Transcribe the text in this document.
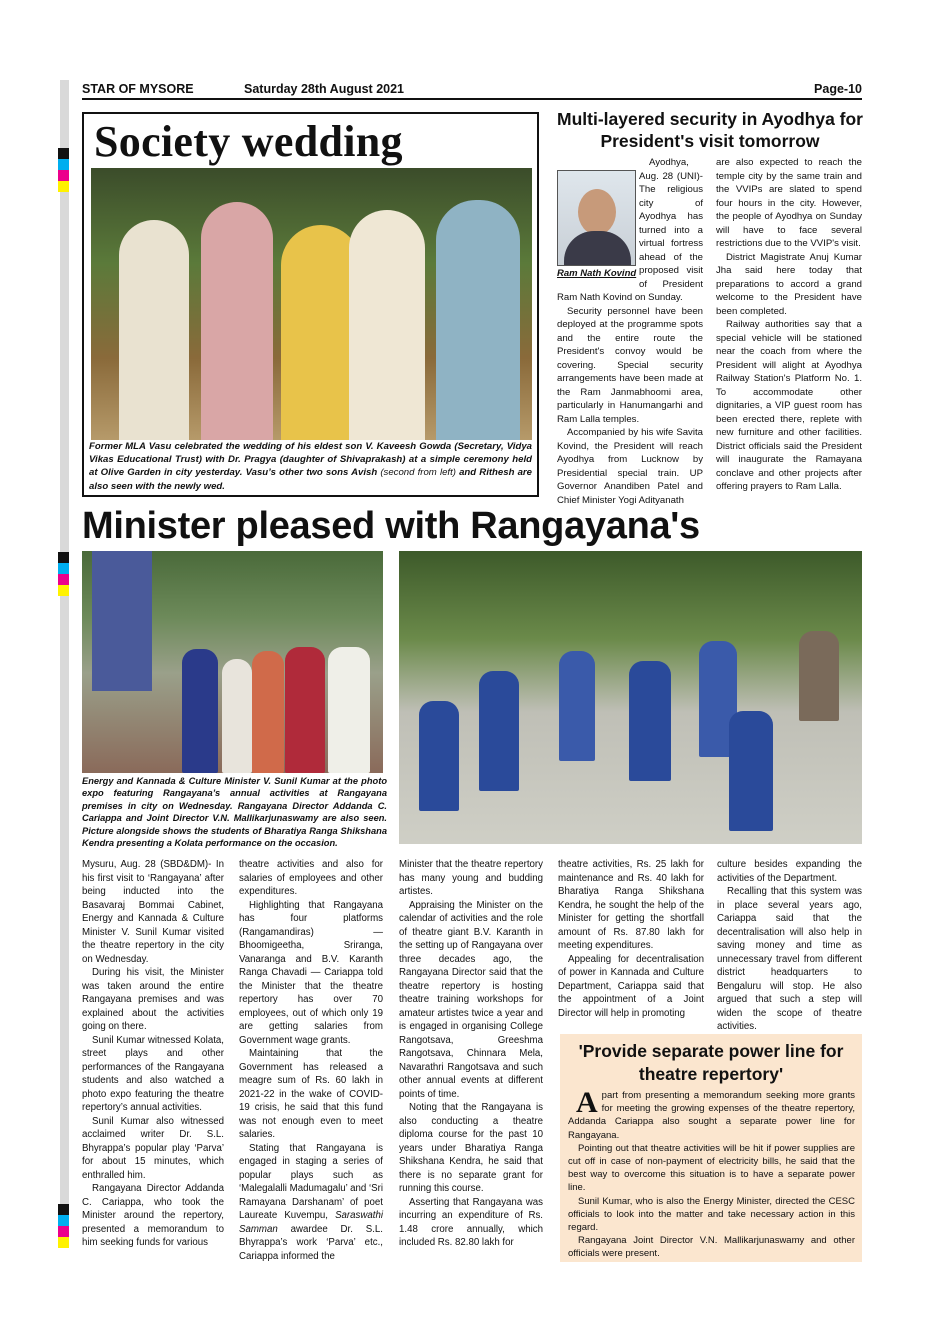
STAR OF MYSORE	Saturday 28th August 2021	Page-10
Society wedding
Former MLA Vasu celebrated the wedding of his eldest son V. Kaveesh Gowda (Secretary, Vidya Vikas Educational Trust) with Dr. Pragya (daughter of Shivaprakash) at a simple ceremony held at Olive Garden in city yesterday. Vasu’s other two sons Avish (second from left) and Rithesh are also seen with the newly wed.
Multi-layered security in Ayodhya for President's visit tomorrow
Ram Nath Kovind

Ayodhya, Aug. 28 (UNI)- The religious city of Ayodhya has turned into a virtual fortress ahead of the proposed visit of President Ram Nath Kovind on Sunday.

Security personnel have been deployed at the programme spots and the entire route the President's convoy would be covering. Special security arrangements have been made at the Ram Janmabhoomi area, particularly in Hanumangarhi and Ram Lalla temples.

Accompanied by his wife Savita Kovind, the President will reach Ayodhya from Lucknow by Presidential special train. UP Governor Anandiben Patel and Chief Minister Yogi Adityanath

are also expected to reach the temple city by the same train and the VVIPs are slated to spend four hours in the city. However, the people of Ayodhya on Sunday will have to face several restrictions due to the VVIP's visit.

District Magistrate Anuj Kumar Jha said here today that preparations to accord a grand welcome to the President have been completed.

Railway authorities say that a special vehicle will be stationed near the coach from where the President will alight at Ayodhya Railway Station's Platform No. 1. To accommodate other dignitaries, a VIP guest room has been erected there, replete with new furniture and other facilities. District officials said the President will inaugurate the Ramayana conclave and other projects after offering prayers to Ram Lalla.

Minister pleased with Rangayana's
Energy and Kannada & Culture Minister V. Sunil Kumar at the photo expo featuring Rangayana’s annual activities at Rangayana premises in city on Wednesday. Rangayana Director Addanda C. Cariappa and Joint Director V.N. Mallikarjunaswamy are also seen. Picture alongside shows the students of Bharatiya Ranga Shikshana Kendra presenting a Kolata performance on the occasion.

Mysuru, Aug. 28 (SBD&DM)- In his first visit to ‘Rangayana’ after being inducted into the Basavaraj Bommai Cabinet, Energy and Kannada & Culture Minister V. Sunil Kumar visited the theatre repertory in the city on Wednesday.

During his visit, the Minister was taken around the entire Rangayana premises and was explained about the activities going on there.

Sunil Kumar witnessed Kolata, street plays and other performances of the Rangayana students and also watched a photo expo featuring the theatre repertory’s annual activities.

Sunil Kumar also witnessed acclaimed writer Dr. S.L. Bhyrappa’s popular play ‘Parva’ for about 15 minutes, which enthralled him.

Rangayana Director Addanda C. Cariappa, who took the Minister around the repertory, presented a memorandum to him seeking funds for various

theatre activities and also for salaries of employees and other expenditures.

Highlighting that Rangayana has four platforms (Rangamandiras) — Bhoomigeetha, Sriranga, Vanaranga and B.V. Karanth Ranga Chavadi — Cariappa told the Minister that the theatre repertory has over 70 employees, out of which only 19 are getting salaries from Government wage grants.

Maintaining that the Government has released a meagre sum of Rs. 60 lakh in 2021-22 in the wake of COVID-19 crisis, he said that this fund was not enough even to meet salaries.

Stating that Rangayana is engaged in staging a series of popular plays such as ‘Malegalalli Madumagalu’ and ‘Sri Ramayana Darshanam’ of poet Laureate Kuvempu, Saraswathi Samman awardee Dr. S.L. Bhyrappa’s work ‘Parva’ etc., Cariappa informed the

Minister that the theatre repertory has many young and budding artistes.

Appraising the Minister on the calendar of activities and the role of theatre giant B.V. Karanth in the setting up of Rangayana over three decades ago, the Rangayana Director said that the theatre repertory is hosting theatre training workshops for amateur artistes twice a year and is engaged in organising College Rangotsava, Greeshma Rangotsava, Chinnara Mela, Navarathri Rangotsava and such other annual events at different points of time.

Noting that the Rangayana is also conducting a theatre diploma course for the past 10 years under Bharatiya Ranga Shikshana Kendra, he said that there is no separate grant for running this course.

Asserting that Rangayana was incurring an expenditure of Rs. 1.48 crore annually, which included Rs. 82.80 lakh for

theatre activities, Rs. 25 lakh for maintenance and Rs. 40 lakh for Bharatiya Ranga Shikshana Kendra, he sought the help of the Minister for getting the shortfall amount of Rs. 87.80 lakh for meeting expenditures.

Appealing for decentralisation of power in Kannada and Culture Department, Cariappa said that the appointment of a Joint Director will help in promoting

culture besides expanding the activities of the Department.

Recalling that this system was in place several years ago, Cariappa said that the decentralisation will also help in saving money and time as unnecessary travel from different district headquarters to Bengaluru will stop. He also argued that such a step will widen the scope of theatre activities.

'Provide separate power line for theatre repertory'

Apart from presenting a memorandum seeking more grants for meeting the growing expenses of the theatre repertory, Addanda Cariappa also sought a separate power line for Rangayana.

Pointing out that theatre activities will be hit if power supplies are cut off in case of non-payment of electricity bills, he said that the best way to overcome this situation is to have a separate power line.

Sunil Kumar, who is also the Energy Minister, directed the CESC officials to look into the matter and take necessary action in this regard.

Rangayana Joint Director V.N. Mallikarjunaswamy and other officials were present.
